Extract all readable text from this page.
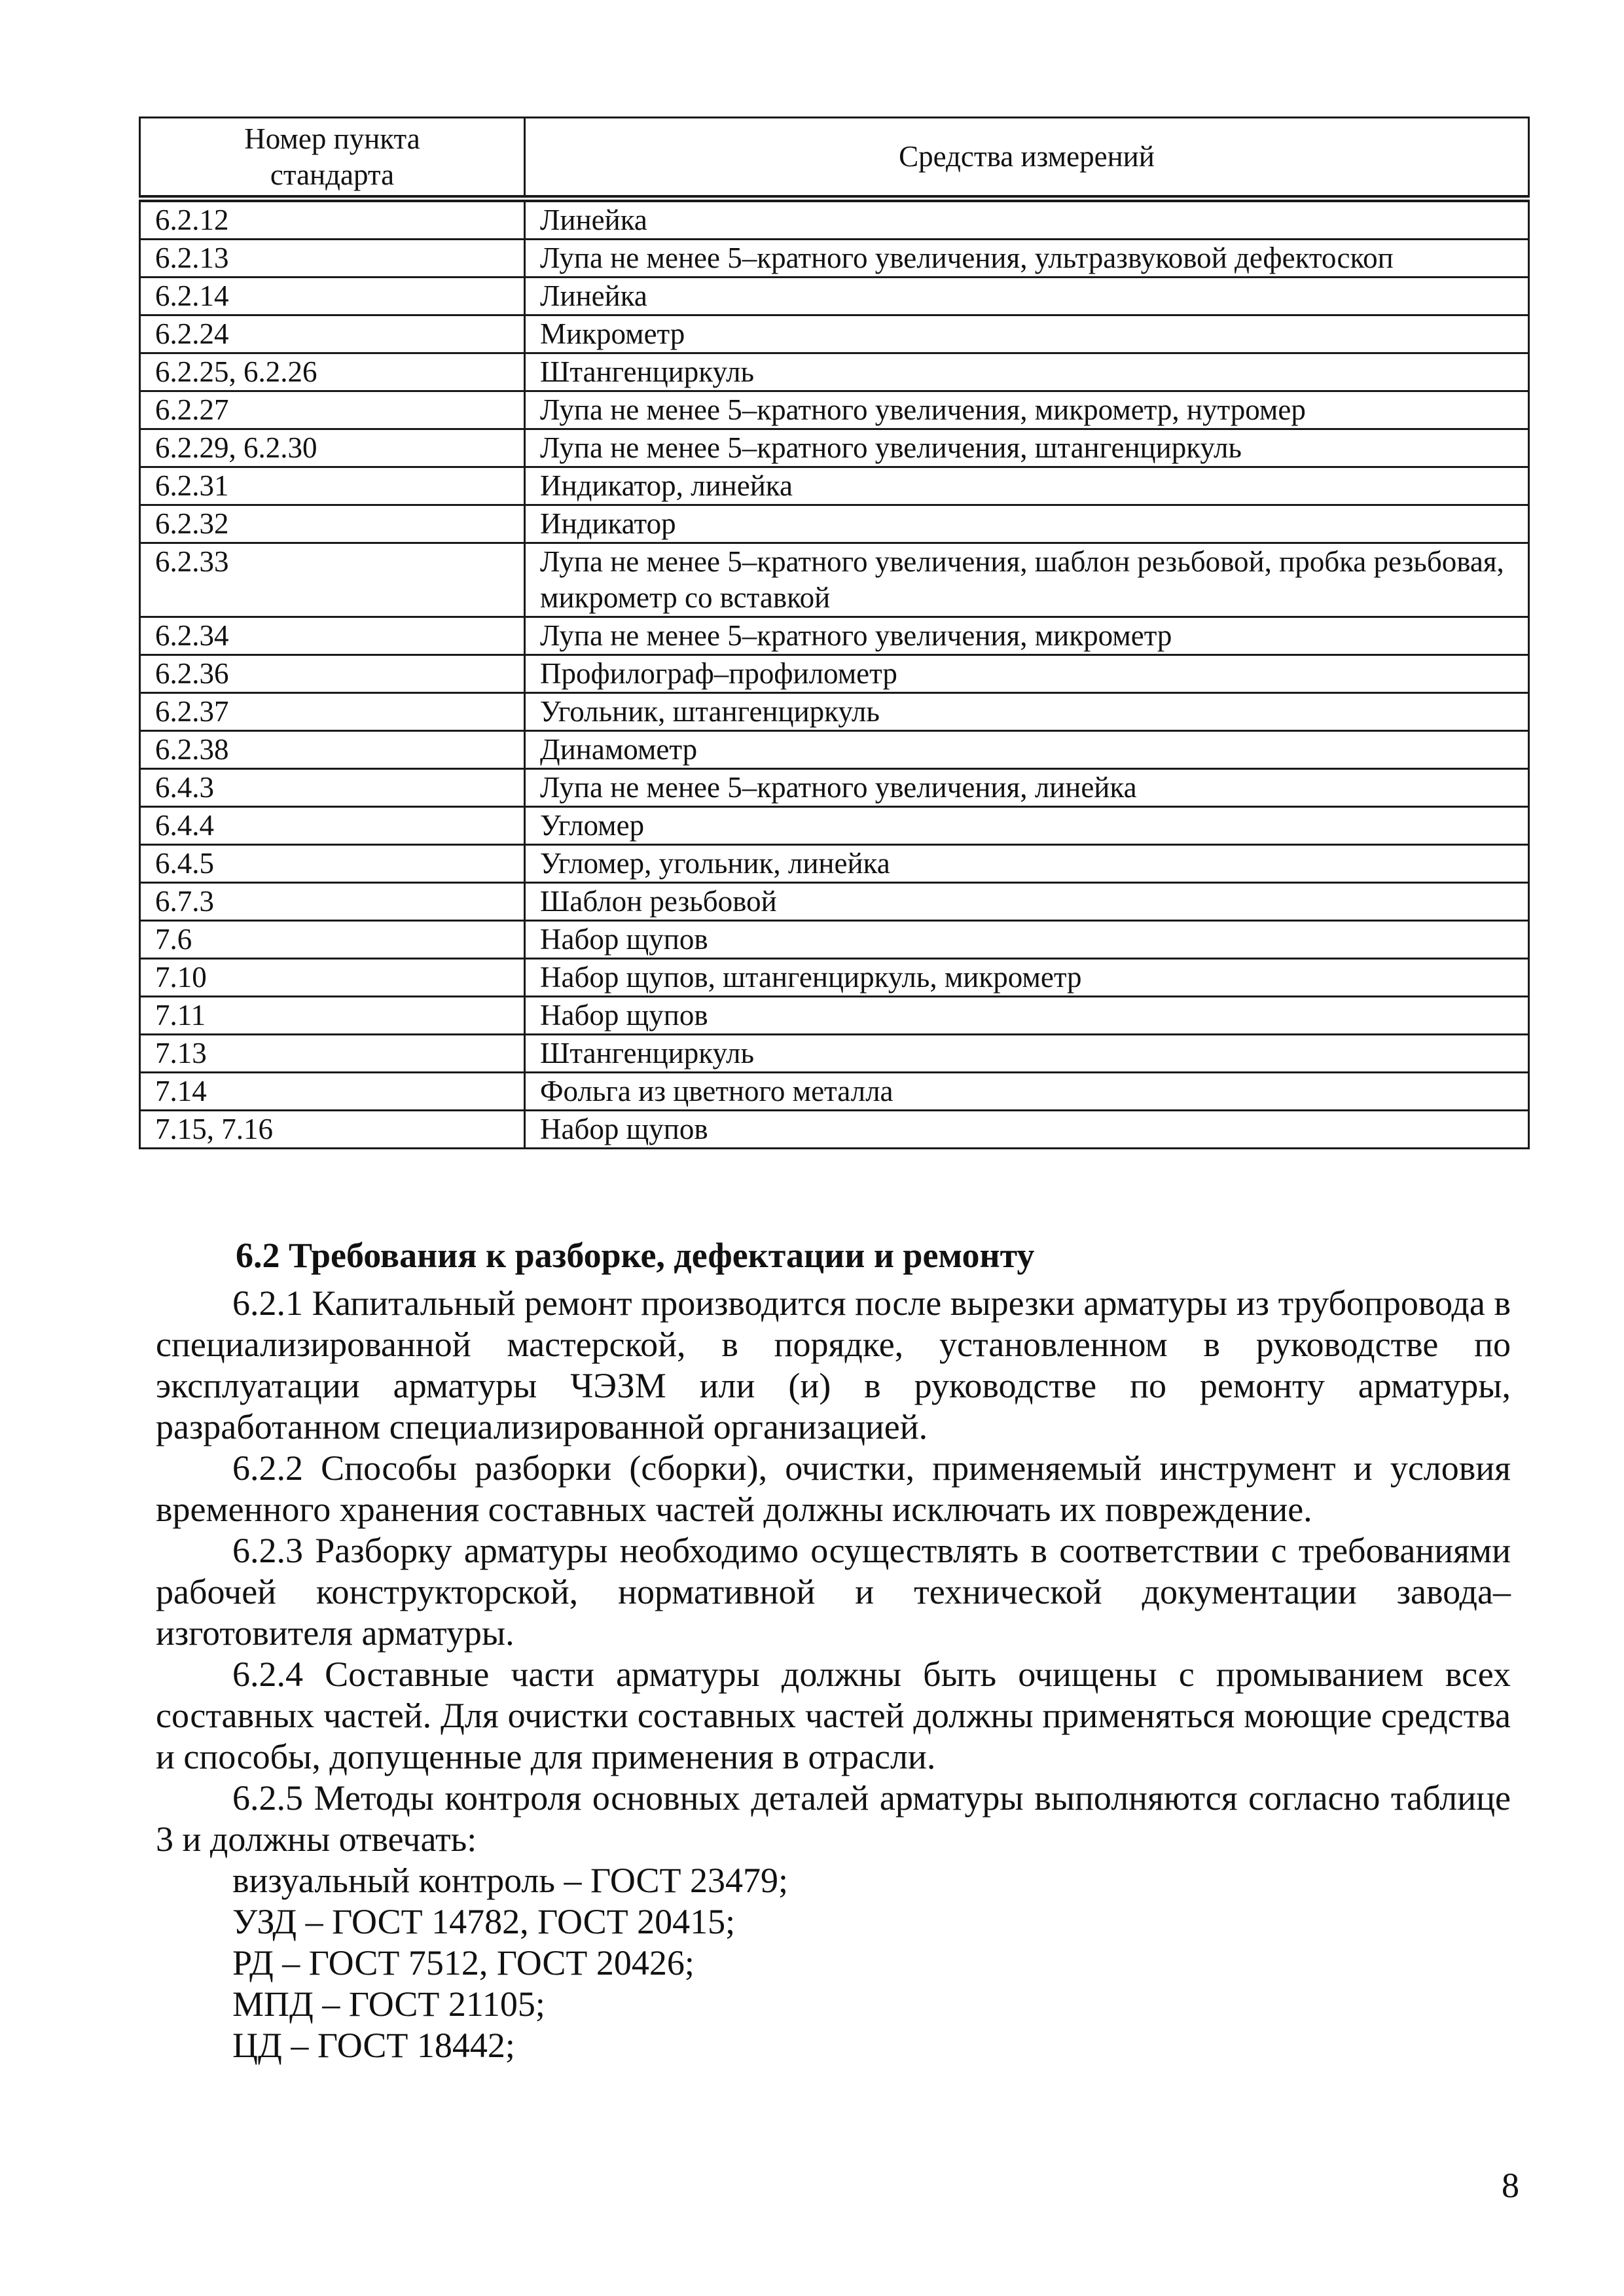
Номер пункта
стандарта	Средства измерений
6.2.12	Линейка
6.2.13	Лупа не менее 5–кратного увеличения, ультразвуковой дефектоскоп
6.2.14	Линейка
6.2.24	Микрометр
6.2.25, 6.2.26	Штангенциркуль
6.2.27	Лупа не менее 5–кратного увеличения, микрометр, нутромер
6.2.29, 6.2.30	Лупа не менее 5–кратного увеличения, штангенциркуль
6.2.31	Индикатор, линейка
6.2.32	Индикатор
6.2.33	Лупа не менее 5–кратного увеличения, шаблон резьбовой, пробка резьбовая, микрометр со вставкой
6.2.34	Лупа не менее 5–кратного увеличения, микрометр
6.2.36	Профилограф–профилометр
6.2.37	Угольник, штангенциркуль
6.2.38	Динамометр
6.4.3	Лупа не менее 5–кратного увеличения, линейка
6.4.4	Угломер
6.4.5	Угломер, угольник, линейка
6.7.3	Шаблон резьбовой
7.6	Набор щупов
7.10	Набор щупов, штангенциркуль, микрометр
7.11	Набор щупов
7.13	Штангенциркуль
7.14	Фольга из цветного металла
7.15, 7.16	Набор щупов
6.2 Требования к разборке, дефектации и ремонту

6.2.1 Капитальный ремонт производится после вырезки арматуры из трубопровода в специализированной мастерской, в порядке, установленном в руководстве по эксплуатации арматуры ЧЭЗМ или (и) в руководстве по ремонту арматуры, разработанном специализированной организацией.

6.2.2 Способы разборки (сборки), очистки, применяемый инструмент и условия временного хранения составных частей должны исключать их повреждение.

6.2.3 Разборку арматуры необходимо осуществлять в соответствии с требованиями рабочей конструкторской, нормативной и технической документации завода–изготовителя арматуры.

6.2.4 Составные части арматуры должны быть очищены с промыванием всех составных частей. Для очистки составных частей должны применяться моющие средства и способы, допущенные для применения в отрасли.

6.2.5 Методы контроля основных деталей арматуры выполняются согласно таблице 3 и должны отвечать:

визуальный контроль – ГОСТ 23479;

УЗД – ГОСТ 14782, ГОСТ 20415;

РД – ГОСТ 7512, ГОСТ 20426;

МПД – ГОСТ 21105;

ЦД – ГОСТ 18442;

8
